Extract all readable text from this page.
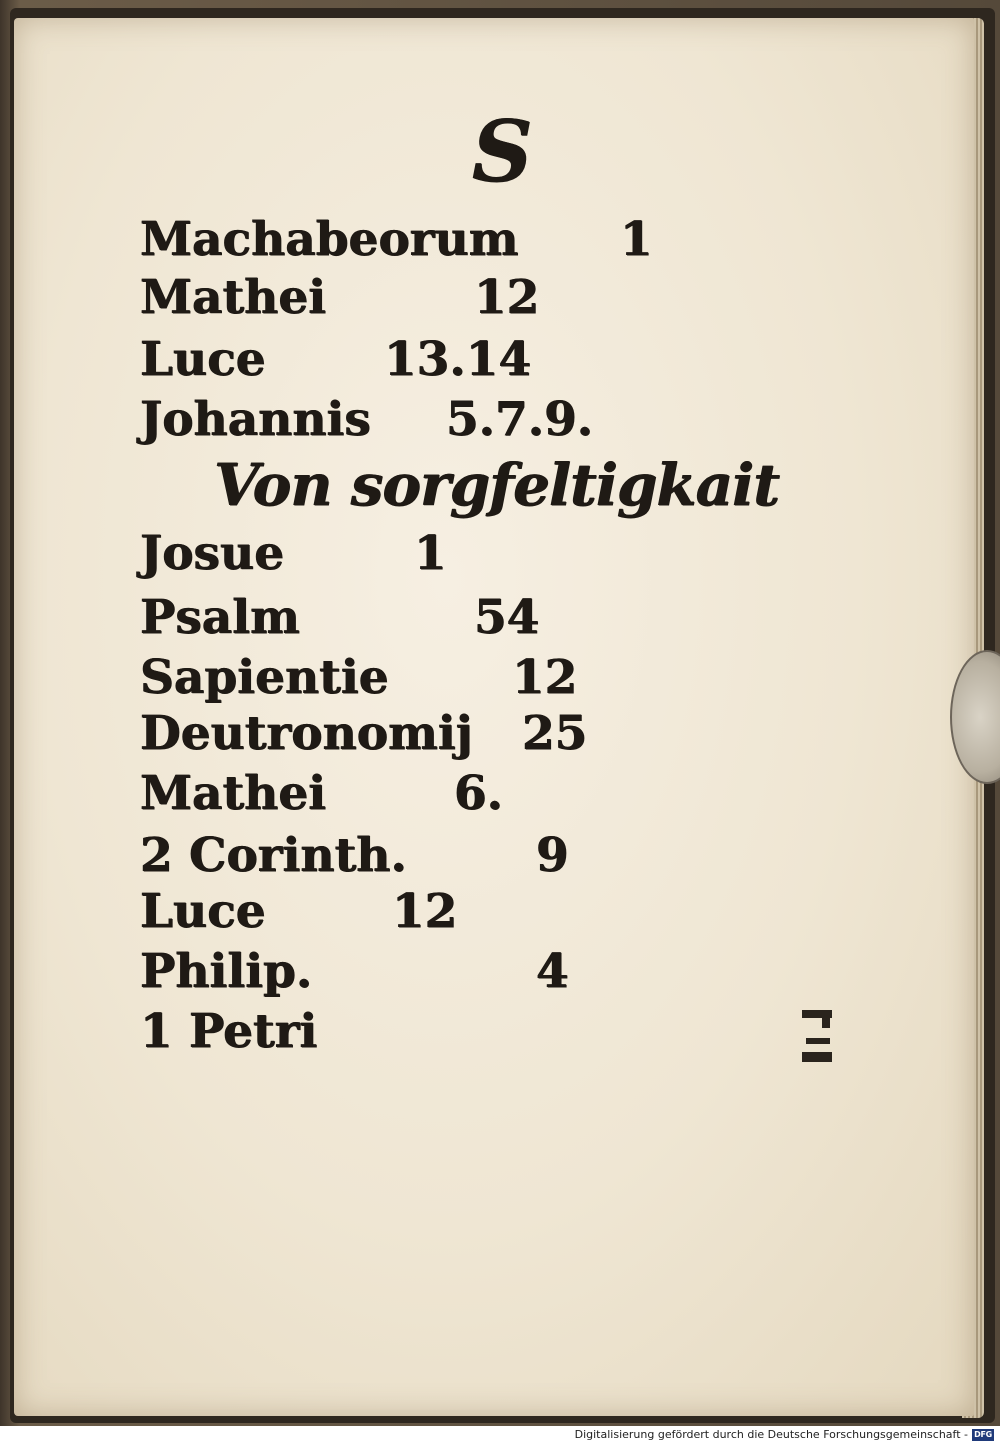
S
Machabeorum 1
Mathei	12
Luce	13.14
Johannis 5.7.9.
Von sorgfeltigkait
Josue	1
Psalm	54
Sapientie	12
Deutronomij 25
Mathei	6.
2 Corinth.	9
Luce	12
Philip.	4
1 Petri
Digitalisierung gefördert durch die Deutsche Forschungsgemeinschaft - DFG
